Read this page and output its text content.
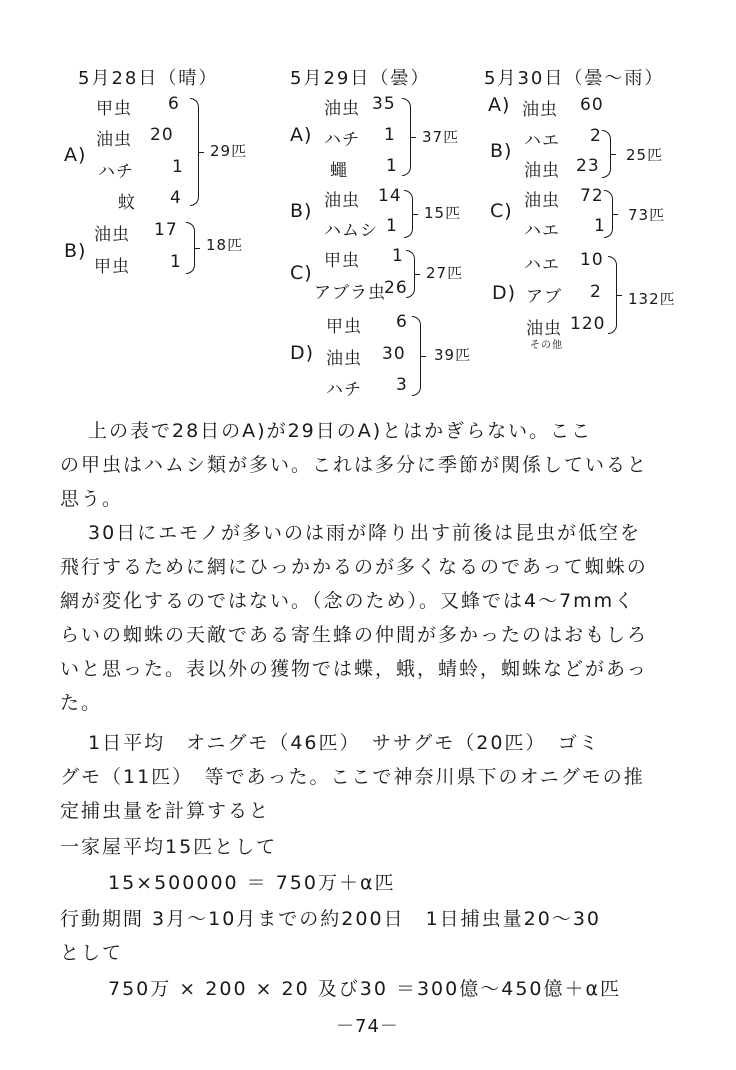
5月28日（晴）
A)
甲虫 6
油虫 20
ハチ 1
蚊 4
29匹
B)
油虫 17
甲虫 1
18匹
5月29日（曇）
A)
油虫 35
ハチ 1
蠅 1
37匹
B) 油虫 14
ハムシ 1
15匹
C)
甲虫 1
アブラ虫
26
27匹
D)
甲虫 6
油虫 30
ハチ 3
39匹
5月30日（曇～雨）
A) 油虫 60
B) ハエ 2
油虫 23
25匹
C) 油虫 72
ハエ 1
73匹
D)
ハエ 10
アブ 2
油虫 120
その他
132匹
上の表で28日のA)が29日のA)とはかぎらない。ここ
の甲虫はハムシ類が多い。これは多分に季節が関係していると
思う。
30日にエモノが多いのは雨が降り出す前後は昆虫が低空を
飛行するために網にひっかかるのが多くなるのであって蜘蛛の
網が変化するのではない。（念のため）。又蜂では4～7mmく
らいの蜘蛛の天敵である寄生蜂の仲間が多かったのはおもしろ
いと思った。表以外の獲物では蝶，蛾，蜻蛉，蜘蛛などがあっ
た。
1日平均　オニグモ（46匹）　ササグモ（20匹）　ゴミ
グモ（11匹）　等であった。ここで神奈川県下のオニグモの推
定捕虫量を計算すると
一家屋平均15匹として
15×500000 ＝ 750万＋α匹
行動期間 3月～10月までの約200日　1日捕虫量20～30
として
750万 × 200 × 20 及び30 ＝300億～450億＋α匹
－74－
